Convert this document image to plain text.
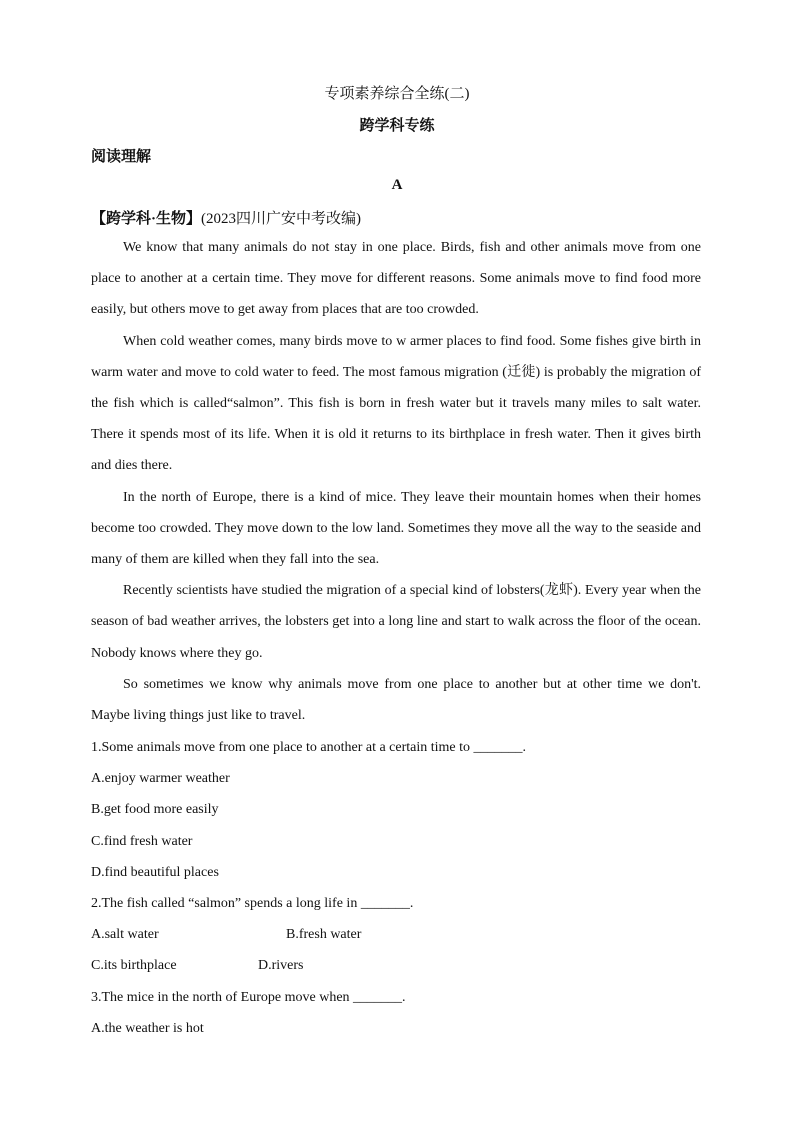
专项素养综合全练(二)
跨学科专练
阅读理解
A
【跨学科·生物】(2023四川广安中考改编)

We know that many animals do not stay in one place. Birds, fish and other animals move from one place to another at a certain time. They move for different reasons. Some animals move to find food more easily, but others move to get away from places that are too crowded.

When cold weather comes, many birds move to w armer places to find food. Some fishes give birth in warm water and move to cold water to feed. The most famous migration (迁徙) is probably the migration of the fish which is called“salmon”. This fish is born in fresh water but it travels many miles to salt water. There it spends most of its life. When it is old it returns to its birthplace in fresh water. Then it gives birth and dies there.

In the north of Europe, there is a kind of mice. They leave their mountain homes when their homes become too crowded. They move down to the low land. Sometimes they move all the way to the seaside and many of them are killed when they fall into the sea.

Recently scientists have studied the migration of a special kind of lobsters(龙虾). Every year when the season of bad weather arrives, the lobsters get into a long line and start to walk across the floor of the ocean. Nobody knows where they go.

So sometimes we know why animals move from one place to another but at other time we don't. Maybe living things just like to travel.

1.Some animals move from one place to another at a certain time to _______.
A.enjoy warmer weather
B.get food more easily
C.find fresh water
D.find beautiful places
2.The fish called “salmon” spends a long life in _______.
A.salt water	B.fresh water
C.its birthplace	D.rivers
3.The mice in the north of Europe move when _______.
A.the weather is hot
